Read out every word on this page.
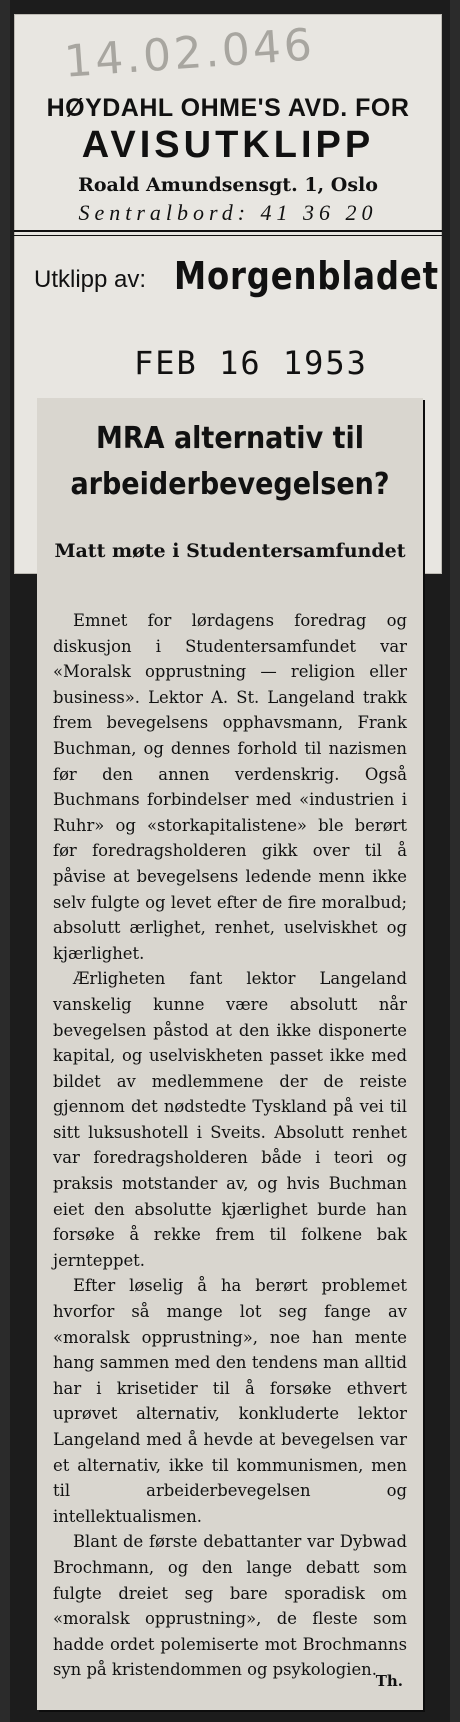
14.02.046
HØYDAHL OHME'S AVD. FOR
AVISUTKLIPP
Roald Amundsensgt. 1, Oslo
Sentralbord: 41 36 20
Utklipp av: Morgenbladet
FEB 16 1953
MRA alternativ til arbeiderbevegelsen?
Matt møte i Studentersamfundet

Emnet for lørdagens foredrag og diskusjon i Studentersamfundet var «Moralsk opprustning — religion eller business». Lektor A. St. Langeland trakk frem bevegelsens opphavsmann, Frank Buchman, og dennes forhold til nazismen før den annen verdenskrig. Også Buchmans forbindelser med «industrien i Ruhr» og «storkapitalistene» ble berørt før foredragsholderen gikk over til å påvise at bevegelsens ledende menn ikke selv fulgte og levet efter de fire moralbud; absolutt ærlighet, renhet, uselviskhet og kjærlighet.

Ærligheten fant lektor Langeland vanskelig kunne være absolutt når bevegelsen påstod at den ikke disponerte kapital, og uselviskheten passet ikke med bildet av medlemmene der de reiste gjennom det nødstedte Tyskland på vei til sitt luksushotell i Sveits. Absolutt renhet var foredragsholderen både i teori og praksis motstander av, og hvis Buchman eiet den absolutte kjærlighet burde han forsøke å rekke frem til folkene bak jernteppet.

Efter løselig å ha berørt problemet hvorfor så mange lot seg fange av «moralsk opprustning», noe han mente hang sammen med den tendens man alltid har i krisetider til å forsøke ethvert uprøvet alternativ, konkluderte lektor Langeland med å hevde at bevegelsen var et alternativ, ikke til kommunismen, men til arbeiderbevegelsen og intellektualismen.

Blant de første debattanter var Dybwad Brochmann, og den lange debatt som fulgte dreiet seg bare sporadisk om «moralsk opprustning», de fleste som hadde ordet polemiserte mot Brochmanns syn på kristendommen og psykologien.

Th.
